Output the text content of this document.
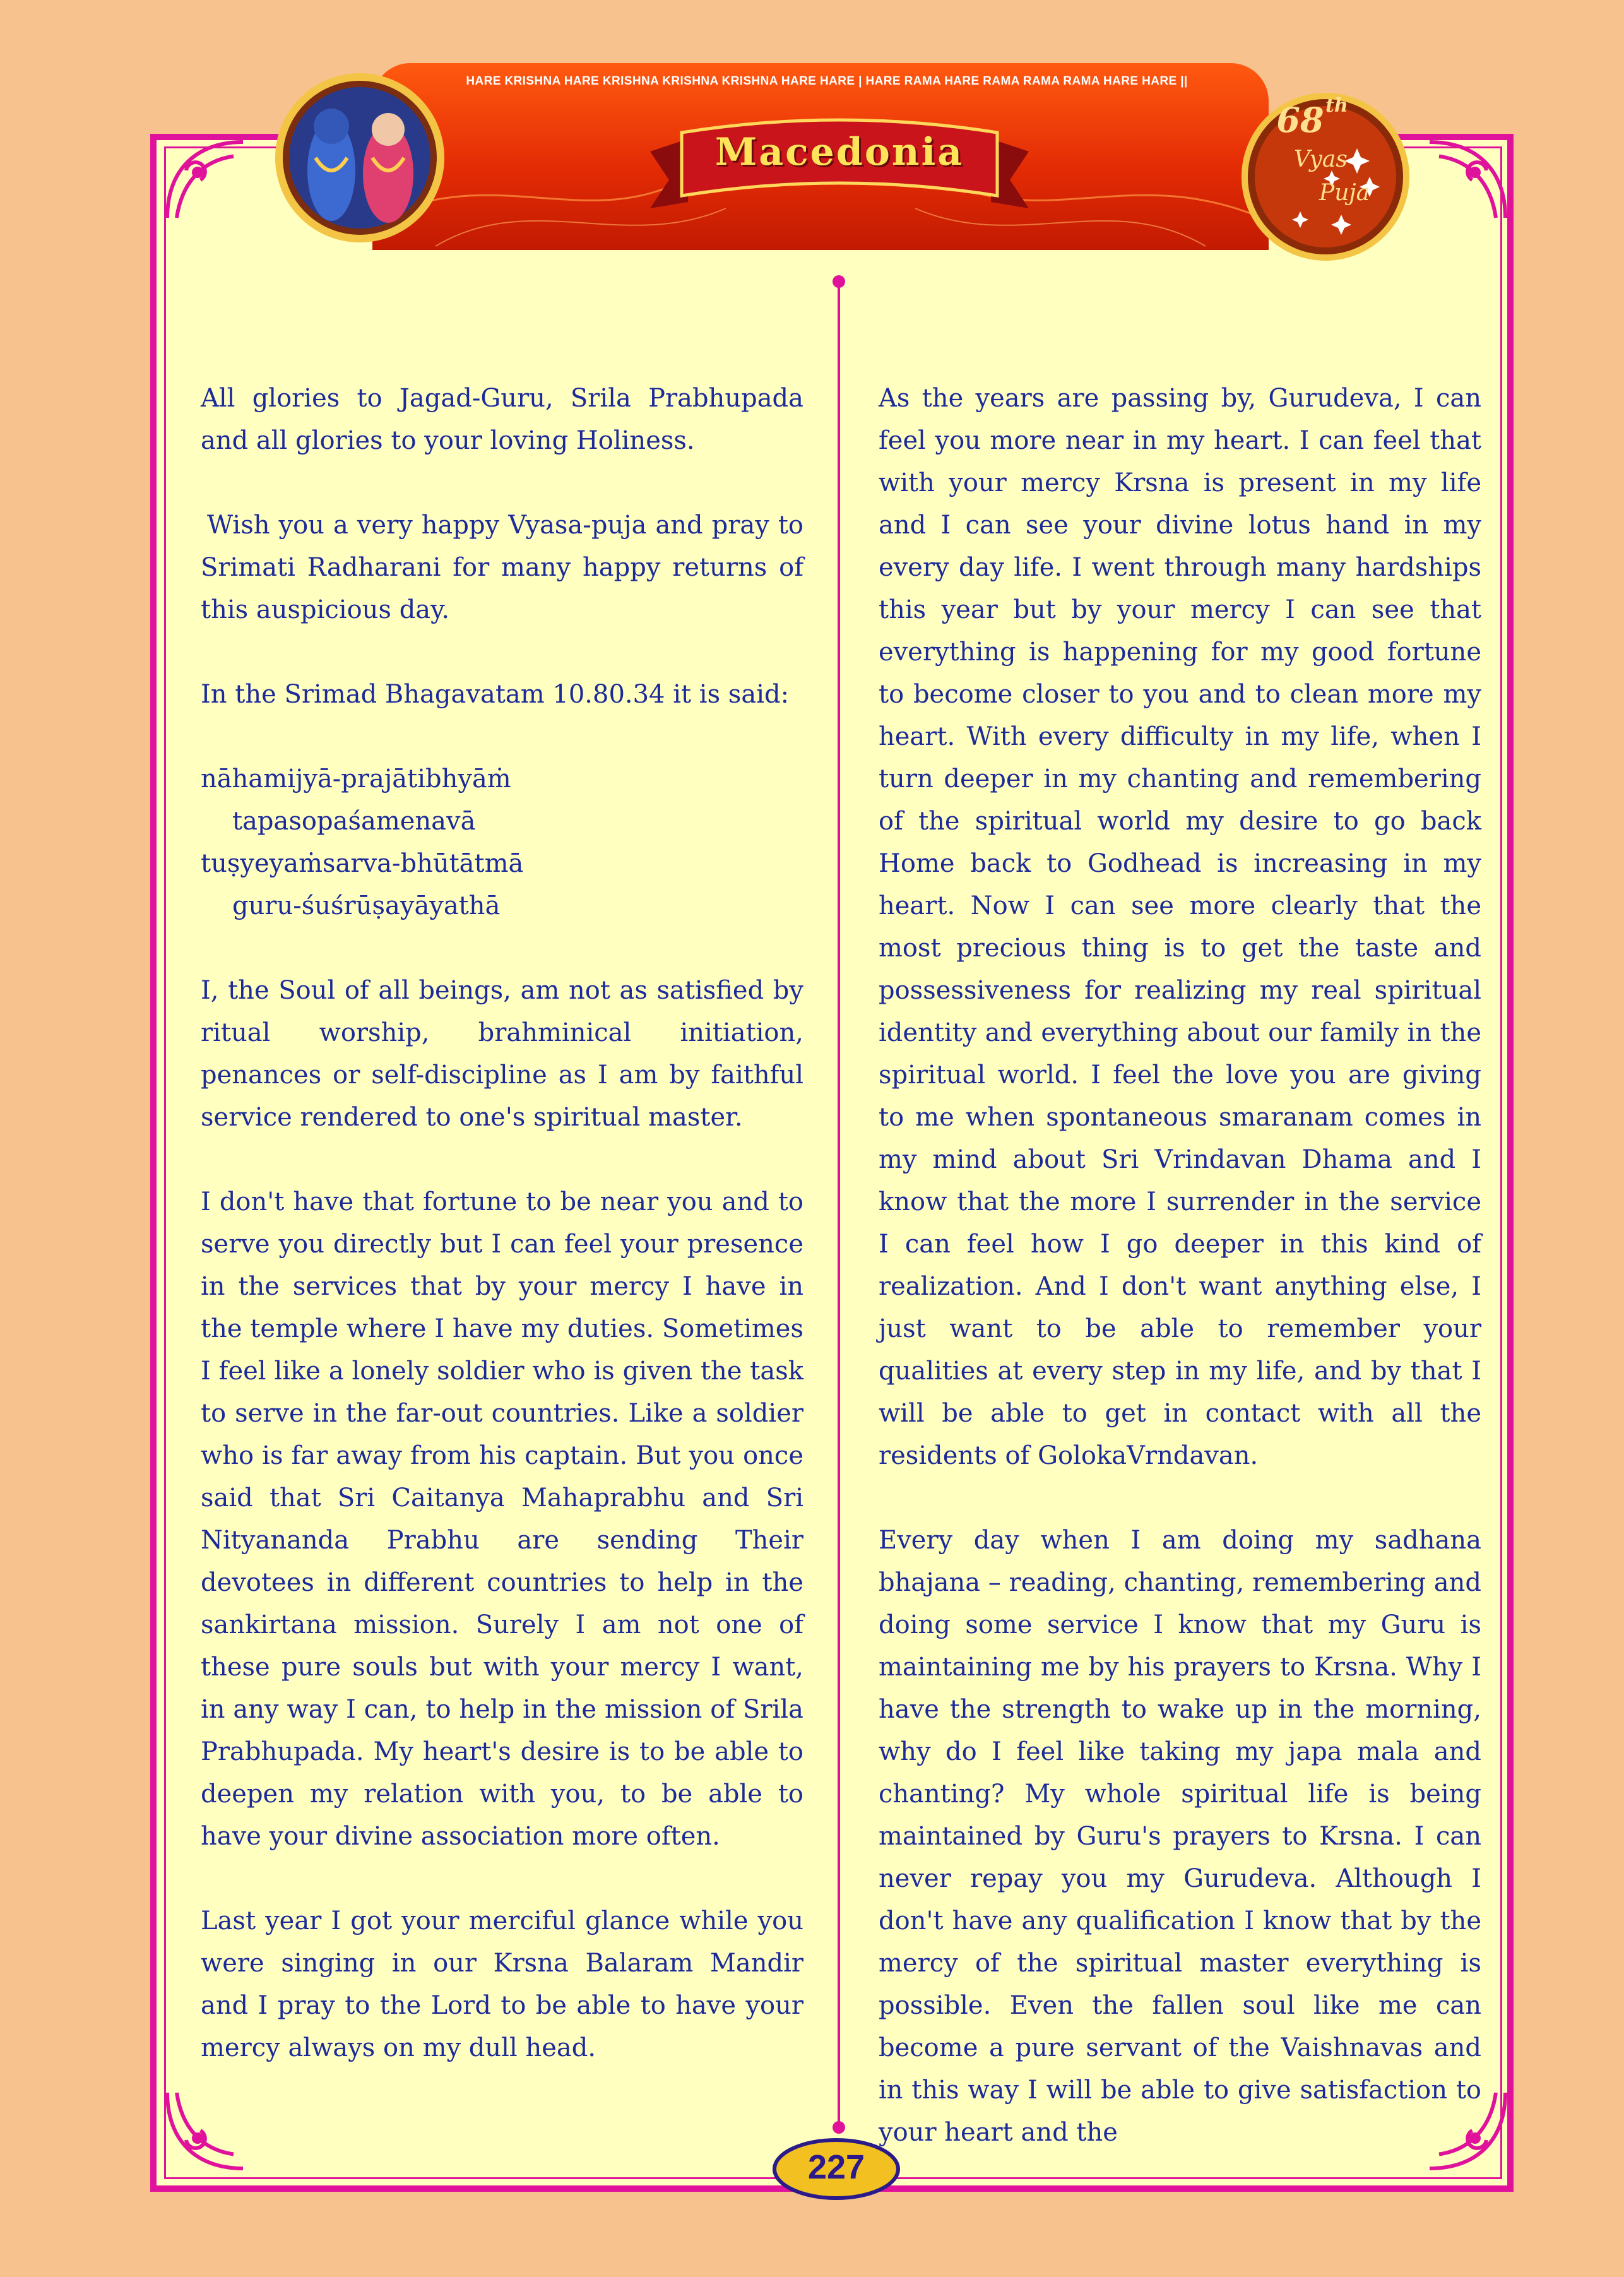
HARE KRISHNA HARE KRISHNA KRISHNA KRISHNA HARE HARE | HARE RAMA HARE RAMA RAMA RAMA HARE HARE ||
Macedonia
68 th
Vyas
Puja

All glories to Jagad-Guru, Srila Prabhupada and all glories to your loving Holiness.

Wish you a very happy Vyasa-puja and pray to Srimati Radharani for many happy returns of this auspicious day.

In the Srimad Bhagavatam 10.80.34 it is said:

nāhamijyā-prajātibhyāṁ
tapasopaśamenavā
tuṣyeyaṁsarva-bhūtātmā
guru-śuśrūṣayāyathā

I, the Soul of all beings, am not as satisfied by ritual worship, brahminical initiation, penances or self-discipline as I am by faithful service rendered to one's spiritual master.

I don't have that fortune to be near you and to serve you directly but I can feel your presence in the services that by your mercy I have in the temple where I have my duties. Sometimes I feel like a lonely soldier who is given the task to serve in the far-out countries. Like a soldier who is far away from his captain. But you once said that Sri Caitanya Mahaprabhu and Sri Nityananda Prabhu are sending Their devotees in different countries to help in the sankirtana mission. Surely I am not one of these pure souls but with your mercy I want, in any way I can, to help in the mission of Srila Prabhupada. My heart's desire is to be able to deepen my relation with you, to be able to have your divine association more often.

Last year I got your merciful glance while you were singing in our Krsna Balaram Mandir and I pray to the Lord to be able to have your mercy always on my dull head.

As the years are passing by, Gurudeva, I can feel you more near in my heart. I can feel that with your mercy Krsna is present in my life and I can see your divine lotus hand in my every day life. I went through many hardships this year but by your mercy I can see that everything is happening for my good fortune to become closer to you and to clean more my heart. With every difficulty in my life, when I turn deeper in my chanting and remembering of the spiritual world my desire to go back Home back to Godhead is increasing in my heart. Now I can see more clearly that the most precious thing is to get the taste and possessiveness for realizing my real spiritual identity and everything about our family in the spiritual world. I feel the love you are giving to me when spontaneous smaranam comes in my mind about Sri Vrindavan Dhama and I know that the more I surrender in the service I can feel how I go deeper in this kind of realization. And I don't want anything else, I just want to be able to remember your qualities at every step in my life, and by that I will be able to get in contact with all the residents of GolokaVrndavan.

Every day when I am doing my sadhana bhajana – reading, chanting, remembering and doing some service I know that my Guru is maintaining me by his prayers to Krsna. Why I have the strength to wake up in the morning, why do I feel like taking my japa mala and chanting? My whole spiritual life is being maintained by Guru's prayers to Krsna. I can never repay you my Gurudeva. Although I don't have any qualification I know that by the mercy of the spiritual master everything is possible. Even the fallen soul like me can become a pure servant of the Vaishnavas and in this way I will be able to give satisfaction to your heart and the

227
